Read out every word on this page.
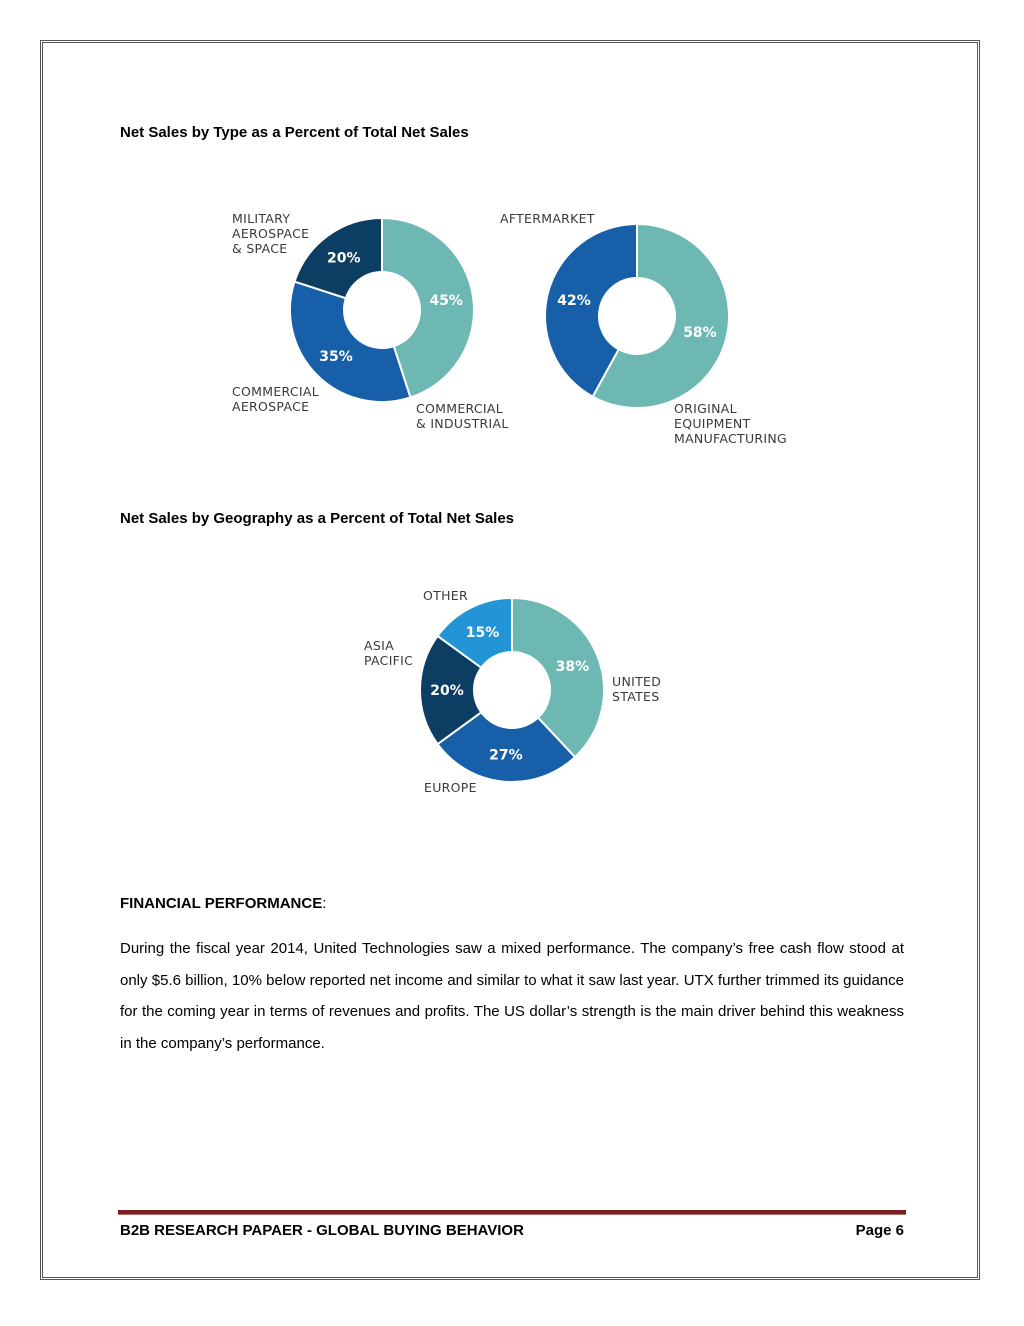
Net Sales by Type as a Percent of Total Net Sales
45%
35%
20%
COMMERCIAL & INDUSTRIAL
COMMERCIAL AEROSPACE
MILITARY AEROSPACE & SPACE
58%
42%
ORIGINAL EQUIPMENT MANUFACTURING
AFTERMARKET
Net Sales by Geography as a Percent of Total Net Sales
38%
27%
20%
15%
UNITED STATES
EUROPE
ASIA PACIFIC
OTHER

FINANCIAL PERFORMANCE:

During the fiscal year 2014, United Technologies saw a mixed performance. The company’s free cash flow stood at only $5.6 billion, 10% below reported net income and similar to what it saw last year. UTX further trimmed its guidance for the coming year in terms of revenues and profits. The US dollar’s strength is the main driver behind this weakness in the company’s performance.

B2B RESEARCH PAPAER - GLOBAL BUYING BEHAVIOR	Page 6
